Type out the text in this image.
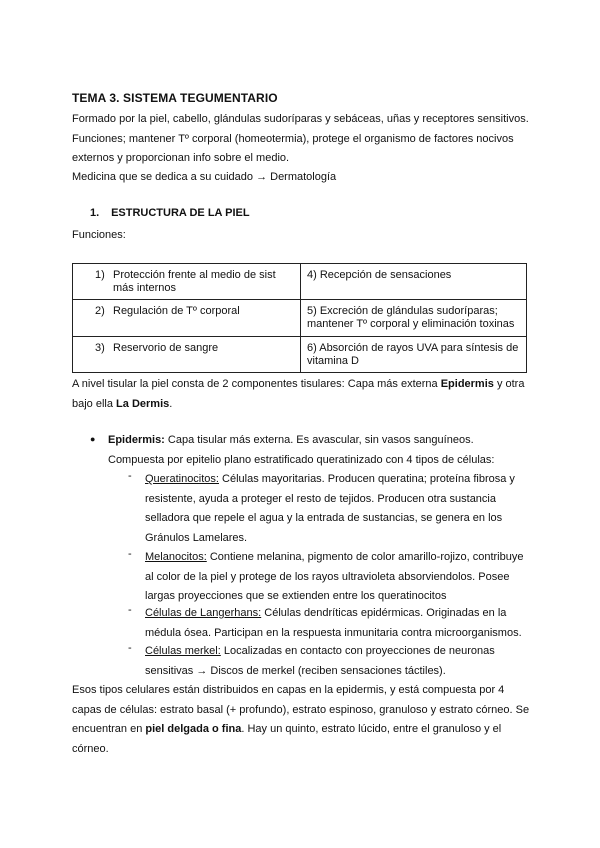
TEMA 3. SISTEMA TEGUMENTARIO
Formado por la piel, cabello, glándulas sudoríparas y sebáceas, uñas y receptores sensitivos. Funciones; mantener Tº corporal (homeotermia), protege el organismo de factores nocivos externos y proporcionan info sobre el medio.
Medicina que se dedica a su cuidado → Dermatología
1. ESTRUCTURA DE LA PIEL
Funciones:
1) Protección frente al medio de sist más internos	4) Recepción de sensaciones
2) Regulación de Tº corporal	5) Excreción de glándulas sudoríparas; mantener Tº corporal y eliminación toxinas
3) Reservorio de sangre	6) Absorción de rayos UVA para síntesis de vitamina D
A nivel tisular la piel consta de 2 componentes tisulares: Capa más externa Epidermis y otra bajo ella La Dermis.
● Epidermis: Capa tisular más externa. Es avascular, sin vasos sanguíneos. Compuesta por epitelio plano estratificado queratinizado con 4 tipos de células:
- Queratinocitos: Células mayoritarias. Producen queratina; proteína fibrosa y resistente, ayuda a proteger el resto de tejidos. Producen otra sustancia selladora que repele el agua y la entrada de sustancias, se genera en los Gránulos Lamelares.
- Melanocitos: Contiene melanina, pigmento de color amarillo-rojizo, contribuye al color de la piel y protege de los rayos ultravioleta absorviendolos. Posee largas proyecciones que se extienden entre los queratinocitos
- Células de Langerhans: Células dendríticas epidérmicas. Originadas en la médula ósea. Participan en la respuesta inmunitaria contra microorganismos.
- Células merkel: Localizadas en contacto con proyecciones de neuronas sensitivas → Discos de merkel (reciben sensaciones táctiles).
Esos tipos celulares están distribuidos en capas en la epidermis, y está compuesta por 4 capas de células: estrato basal (+ profundo), estrato espinoso, granuloso y estrato córneo. Se encuentran en piel delgada o fina. Hay un quinto, estrato lúcido, entre el granuloso y el córneo.
